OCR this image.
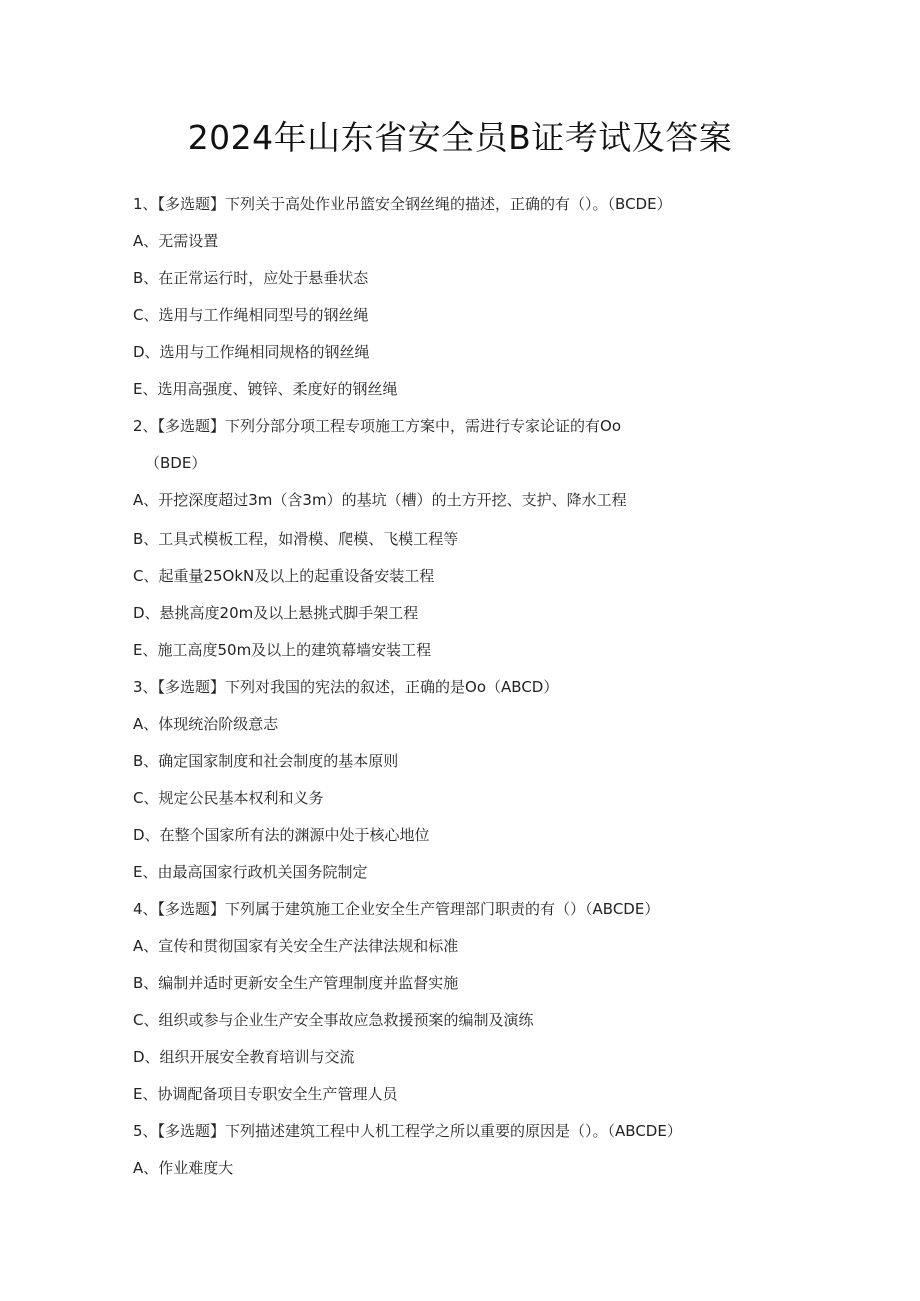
2024年山东省安全员B证考试及答案
1、【多选题】下列关于高处作业吊篮安全钢丝绳的描述，正确的有（）。（BCDE）
A、无需设置
B、在正常运行时，应处于悬垂状态
C、选用与工作绳相同型号的钢丝绳
D、选用与工作绳相同规格的钢丝绳
E、选用高强度、镀锌、柔度好的钢丝绳
2、【多选题】下列分部分项工程专项施工方案中，需进行专家论证的有Oo
（BDE）
A、开挖深度超过3m（含3m）的基坑（槽）的土方开挖、支护、降水工程
B、工具式模板工程，如滑模、爬模、飞模工程等
C、起重量25OkN及以上的起重设备安装工程
D、悬挑高度20m及以上悬挑式脚手架工程
E、施工高度50m及以上的建筑幕墙安装工程
3、【多选题】下列对我国的宪法的叙述，正确的是Oo（ABCD）
A、体现统治阶级意志
B、确定国家制度和社会制度的基本原则
C、规定公民基本权利和义务
D、在整个国家所有法的渊源中处于核心地位
E、由最高国家行政机关国务院制定
4、【多选题】下列属于建筑施工企业安全生产管理部门职责的有（）（ABCDE）
A、宣传和贯彻国家有关安全生产法律法规和标准
B、编制并适时更新安全生产管理制度并监督实施
C、组织或参与企业生产安全事故应急救援预案的编制及演练
D、组织开展安全教育培训与交流
E、协调配备项目专职安全生产管理人员
5、【多选题】下列描述建筑工程中人机工程学之所以重要的原因是（）。（ABCDE）
A、作业难度大
